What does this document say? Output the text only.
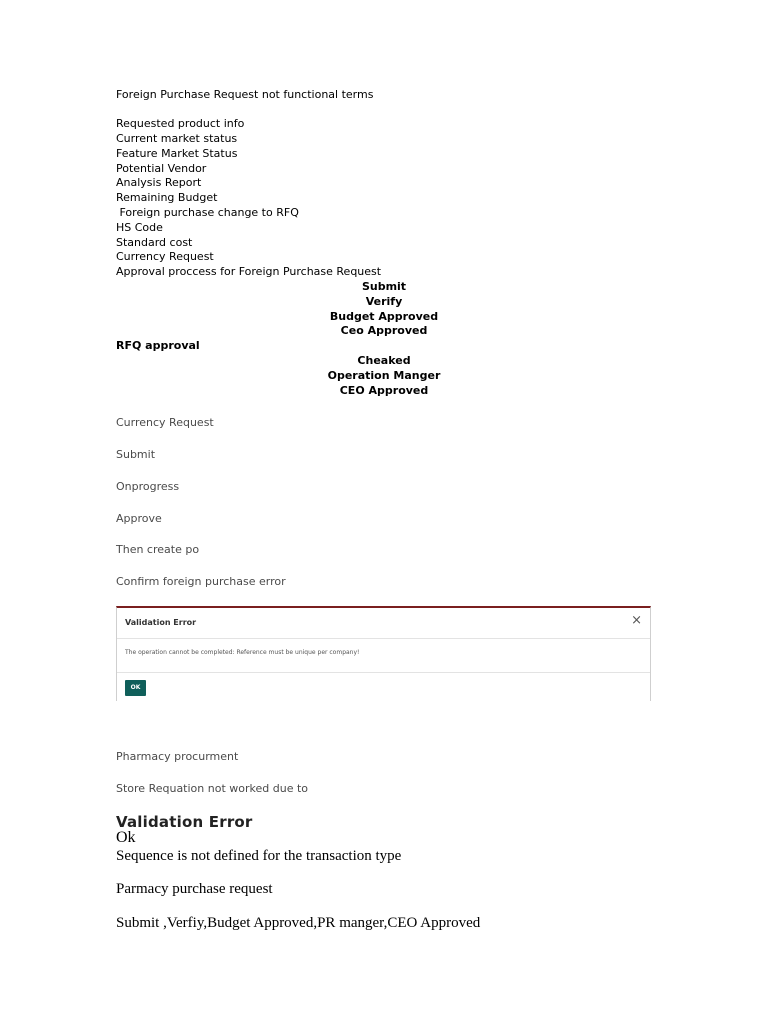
Foreign Purchase Request not functional terms
Requested product info
Current market status
Feature Market Status
Potential Vendor
Analysis Report
Remaining Budget
Foreign purchase change to RFQ
HS Code
Standard cost
Currency Request
Approval proccess for Foreign Purchase Request
Submit
Verify
Budget Approved
Ceo Approved
RFQ approval
Cheaked
Operation Manger
CEO Approved
Currency Request
Submit
Onprogress
Approve
Then create po
Confirm foreign purchase error
Validation Error	×
The operation cannot be completed: Reference must be unique per company!
OK
Pharmacy procurment
Store Requation not worked due to
Validation Error
Ok
Sequence is not defined for the transaction type
Parmacy purchase request
Submit ,Verfiy,Budget Approved,PR manger,CEO Approved
